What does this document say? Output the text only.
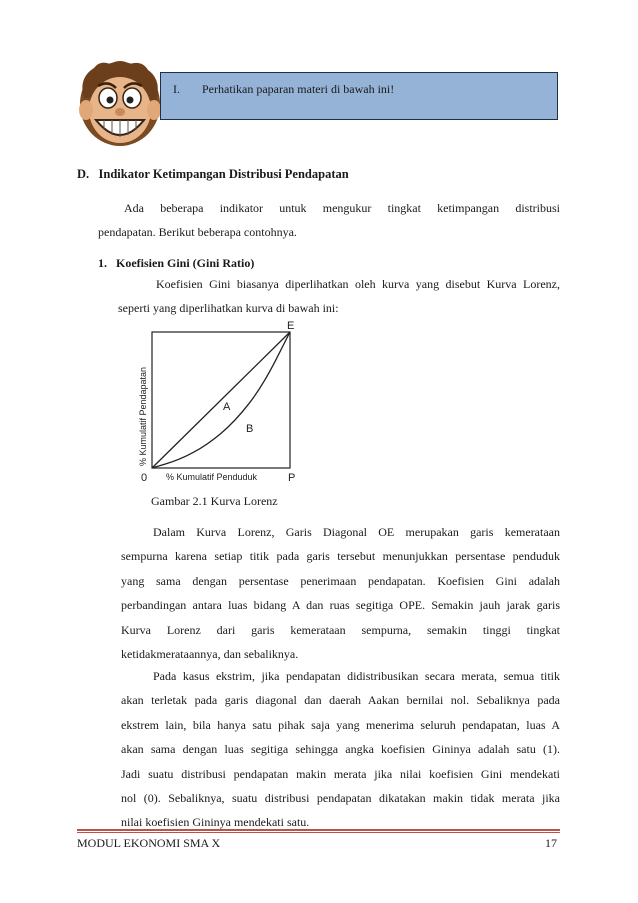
I. Perhatikan paparan materi di bawah ini!
D.   Indikator Ketimpangan Distribusi Pendapatan
Ada beberapa indikator untuk mengukur tingkat ketimpangan distribusi
pendapatan. Berikut beberapa contohnya.
1.   Koefisien Gini (Gini Ratio)
Koefisien Gini biasanya diperlihatkan oleh kurva yang disebut Kurva Lorenz,
seperti yang diperlihatkan kurva di bawah ini:
% Kumulatif Pendapatan
% Kumulatif Penduduk
0	P
E
A
B
Gambar 2.1 Kurva Lorenz
Dalam Kurva Lorenz, Garis Diagonal OE merupakan garis kemerataan
sempurna karena setiap titik pada garis tersebut menunjukkan persentase penduduk
yang sama dengan persentase penerimaan pendapatan. Koefisien Gini adalah
perbandingan antara luas bidang A dan ruas segitiga OPE. Semakin jauh jarak garis
Kurva Lorenz dari garis kemerataan sempurna, semakin tinggi tingkat
ketidakmerataannya, dan sebaliknya.
Pada kasus ekstrim, jika pendapatan didistribusikan secara merata, semua titik
akan terletak pada garis diagonal dan daerah Aakan bernilai nol. Sebaliknya pada
ekstrem lain, bila hanya satu pihak saja yang menerima seluruh pendapatan, luas A
akan sama dengan luas segitiga sehingga angka koefisien Gininya adalah satu (1).
Jadi suatu distribusi pendapatan makin merata jika nilai koefisien Gini mendekati
nol (0). Sebaliknya, suatu distribusi pendapatan dikatakan makin tidak merata jika
nilai koefisien Gininya mendekati satu.
MODUL EKONOMI SMA X	17
